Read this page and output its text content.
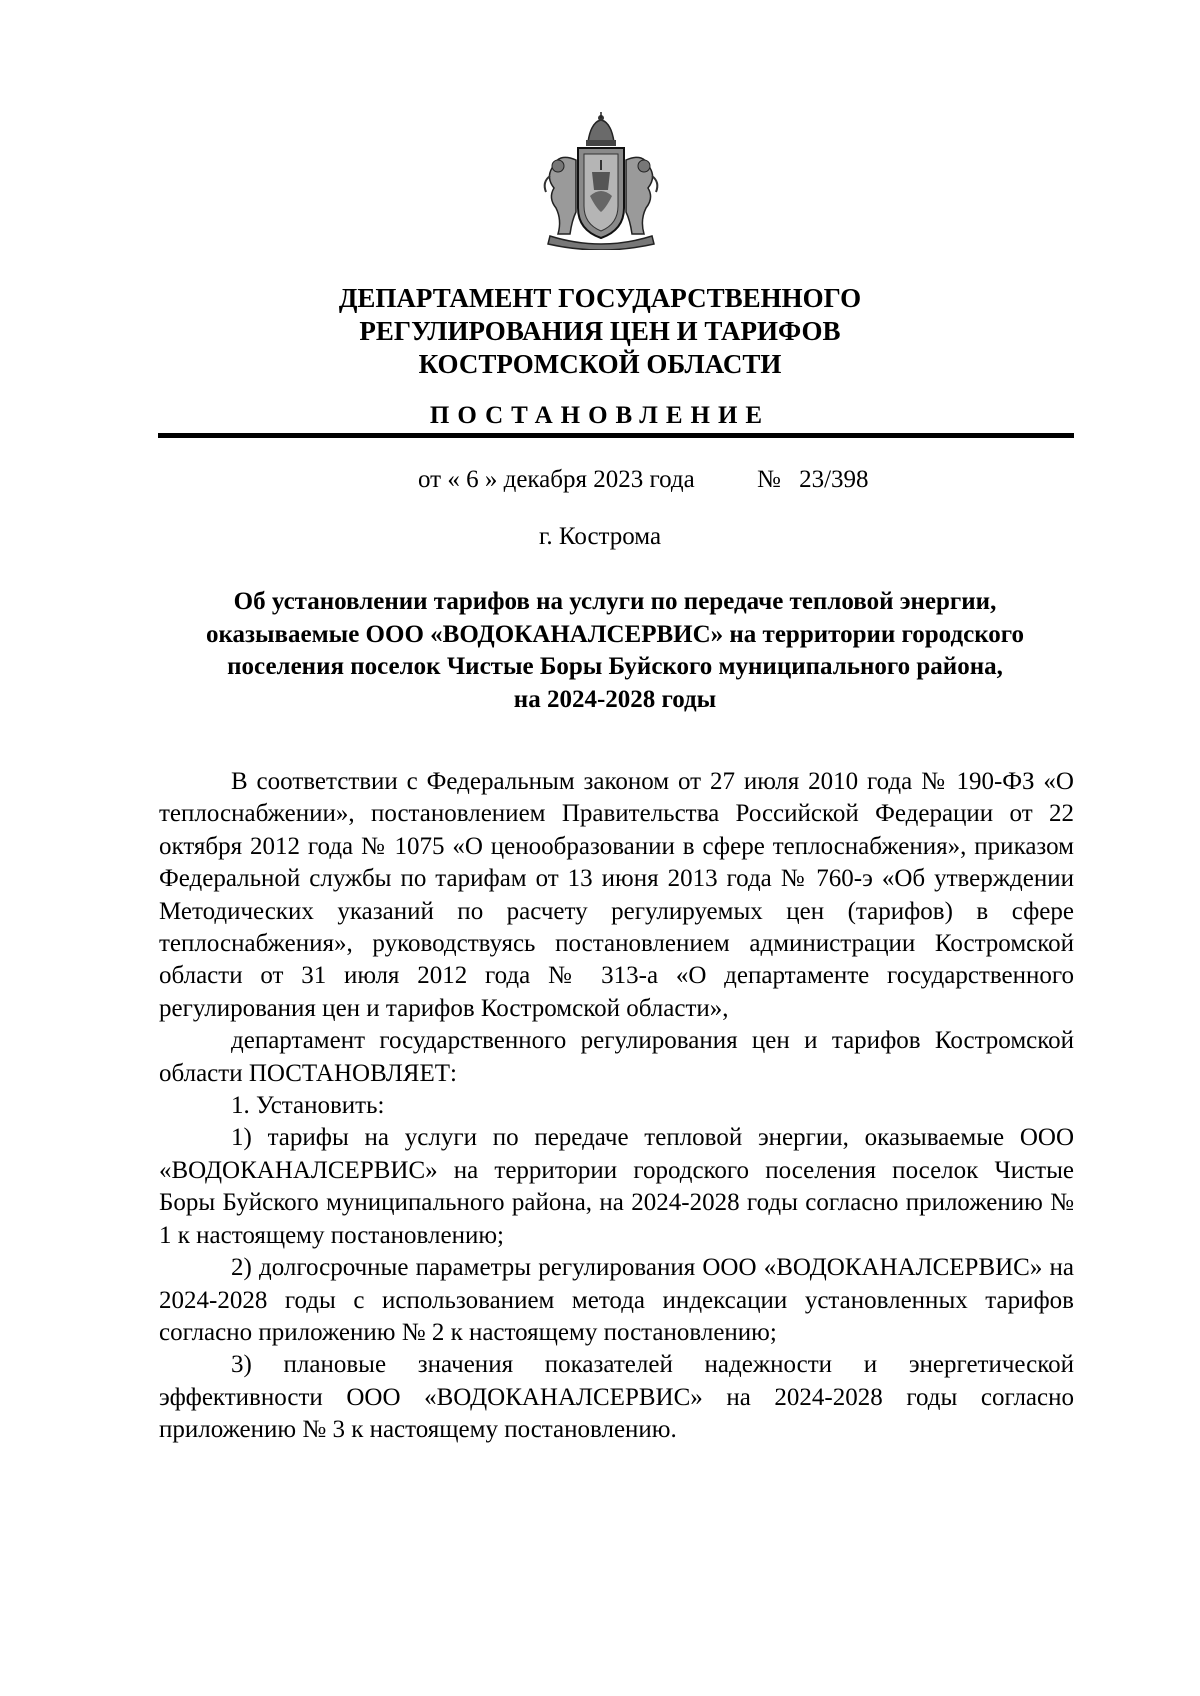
ДЕПАРТАМЕНТ ГОСУДАРСТВЕННОГО
РЕГУЛИРОВАНИЯ ЦЕН И ТАРИФОВ
КОСТРОМСКОЙ ОБЛАСТИ
ПОСТАНОВЛЕНИЕ
от « 6 » декабря 2023 года № 23/398
г. Кострома
Об установлении тарифов на услуги по передаче тепловой энергии,
оказываемые ООО «ВОДОКАНАЛСЕРВИС» на территории городского
поселения поселок Чистые Боры Буйского муниципального района,
на 2024-2028 годы

В соответствии с Федеральным законом от 27 июля 2010 года № 190-ФЗ «О теплоснабжении», постановлением Правительства Российской Федерации от 22 октября 2012 года № 1075 «О ценообразовании в сфере теплоснабжения», приказом Федеральной службы по тарифам от 13 июня 2013 года № 760-э «Об утверждении Методических указаний по расчету регулируемых цен (тарифов) в сфере теплоснабжения», руководствуясь постановлением администрации Костромской области от 31 июля 2012 года № 313-а «О департаменте государственного регулирования цен и тарифов Костромской области»,

департамент государственного регулирования цен и тарифов Костромской области ПОСТАНОВЛЯЕТ:

1. Установить:

1) тарифы на услуги по передаче тепловой энергии, оказываемые ООО «ВОДОКАНАЛСЕРВИС» на территории городского поселения поселок Чистые Боры Буйского муниципального района, на 2024-2028 годы согласно приложению № 1 к настоящему постановлению;

2) долгосрочные параметры регулирования ООО «ВОДОКАНАЛСЕРВИС» на 2024-2028 годы с использованием метода индексации установленных тарифов согласно приложению № 2 к настоящему постановлению;

3) плановые значения показателей надежности и энергетической эффективности ООО «ВОДОКАНАЛСЕРВИС» на 2024-2028 годы согласно приложению № 3 к настоящему постановлению.
